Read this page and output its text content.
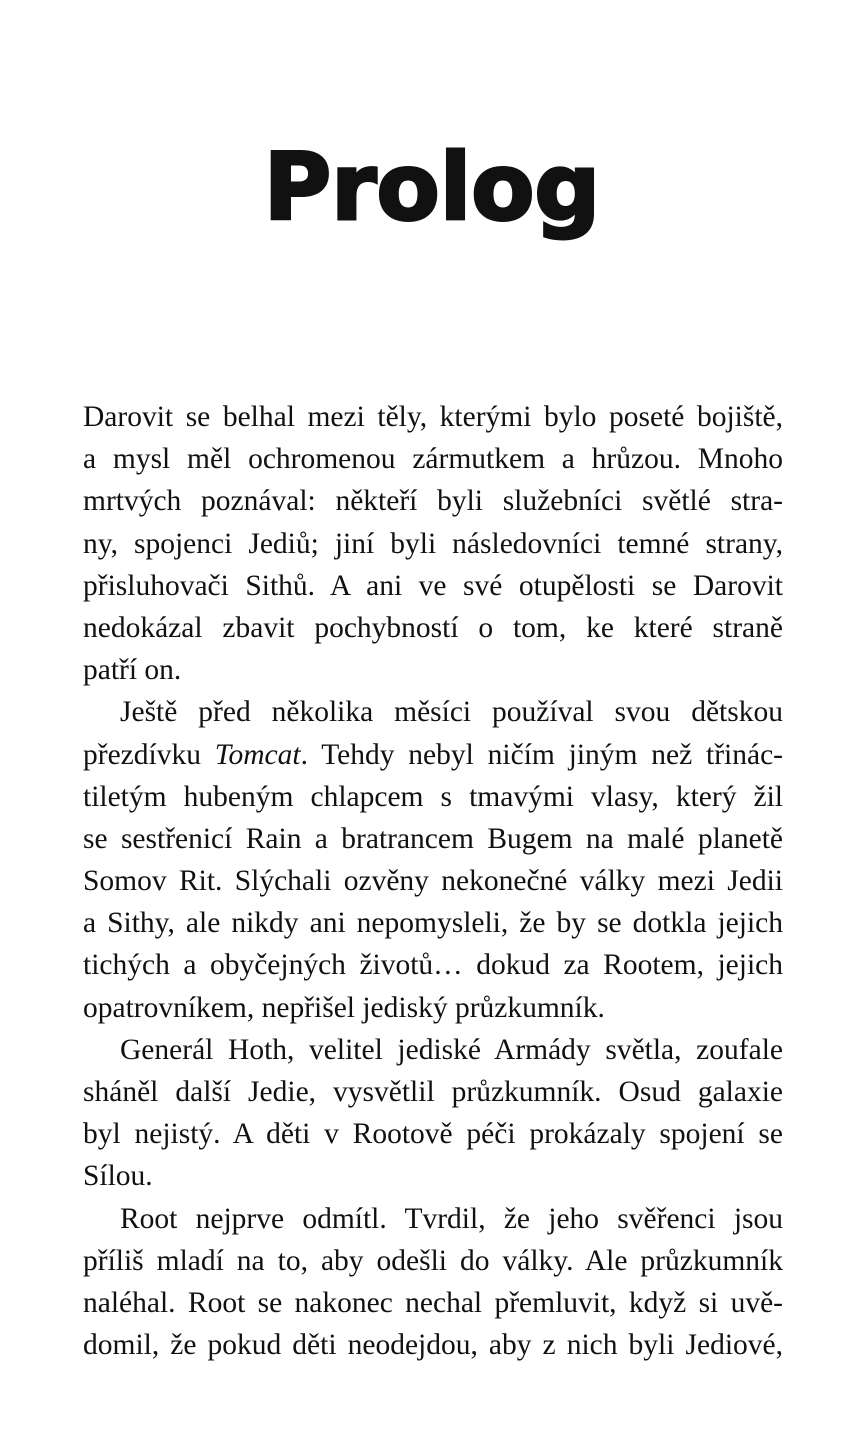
Prolog
Darovit se belhal mezi těly, kterými bylo poseté bojiště,
a mysl měl ochromenou zármutkem a hrůzou. Mnoho
mrtvých poznával: někteří byli služebníci světlé stra-
ny, spojenci Jediů; jiní byli následovníci temné strany,
přisluhovači Sithů. A ani ve své otupělosti se Darovit
nedokázal zbavit pochybností o tom, ke které straně
patří on.
Ještě před několika měsíci používal svou dětskou
přezdívku Tomcat. Tehdy nebyl ničím jiným než třinác-
tiletým hubeným chlapcem s tmavými vlasy, který žil
se sestřenicí Rain a bratrancem Bugem na malé planetě
Somov Rit. Slýchali ozvěny nekonečné války mezi Jedii
a Sithy, ale nikdy ani nepomysleli, že by se dotkla jejich
tichých a obyčejných životů… dokud za Rootem, jejich
opatrovníkem, nepřišel jediský průzkumník.
Generál Hoth, velitel jediské Armády světla, zoufale
sháněl další Jedie, vysvětlil průzkumník. Osud galaxie
byl nejistý. A děti v Rootově péči prokázaly spojení se
Sílou.
Root nejprve odmítl. Tvrdil, že jeho svěřenci jsou
příliš mladí na to, aby odešli do války. Ale průzkumník
naléhal. Root se nakonec nechal přemluvit, když si uvě-
domil, že pokud děti neodejdou, aby z nich byli Jediové,
